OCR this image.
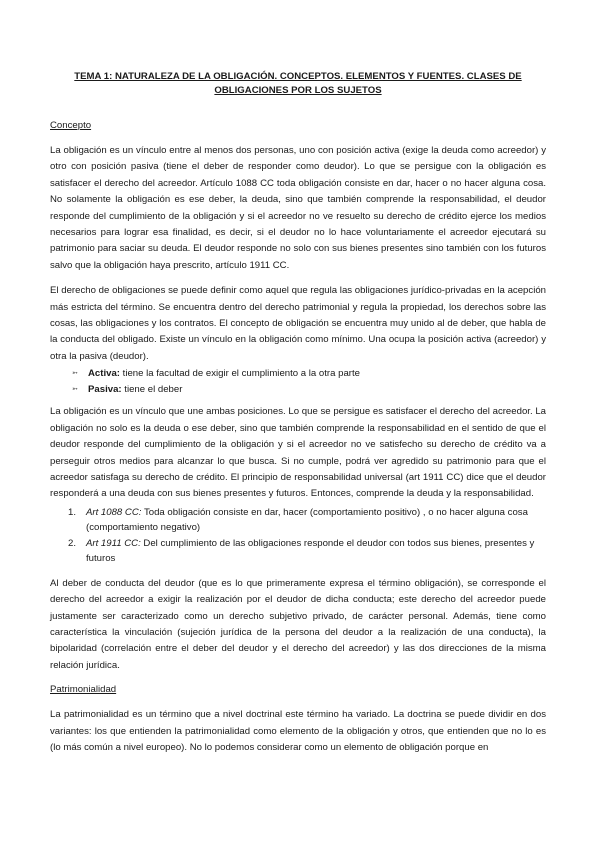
TEMA 1: NATURALEZA DE LA OBLIGACIÓN. CONCEPTOS. ELEMENTOS Y FUENTES. CLASES DE OBLIGACIONES POR LOS SUJETOS
Concepto

La obligación es un vínculo entre al menos dos personas, uno con posición activa (exige la deuda como acreedor) y otro con posición pasiva (tiene el deber de responder como deudor). Lo que se persigue con la obligación es satisfacer el derecho del acreedor. Artículo 1088 CC toda obligación consiste en dar, hacer o no hacer alguna cosa. No solamente la obligación es ese deber, la deuda, sino que también comprende la responsabilidad, el deudor responde del cumplimiento de la obligación y si el acreedor no ve resuelto su derecho de crédito ejerce los medios necesarios para lograr esa finalidad, es decir, si el deudor no lo hace voluntariamente el acreedor ejecutará su patrimonio para saciar su deuda. El deudor responde no solo con sus bienes presentes sino también con los futuros salvo que la obligación haya prescrito, artículo 1911 CC.

El derecho de obligaciones se puede definir como aquel que regula las obligaciones jurídico-privadas en la acepción más estricta del término. Se encuentra dentro del derecho patrimonial y regula la propiedad, los derechos sobre las cosas, las obligaciones y los contratos. El concepto de obligación se encuentra muy unido al de deber, que habla de la conducta del obligado. Existe un vínculo en la obligación como mínimo. Una ocupa la posición activa (acreedor) y otra la pasiva (deudor).

➳ Activa: tiene la facultad de exigir el cumplimiento a la otra parte
➳ Pasiva: tiene el deber

La obligación es un vínculo que une ambas posiciones. Lo que se persigue es satisfacer el derecho del acreedor. La obligación no solo es la deuda o ese deber, sino que también comprende la responsabilidad en el sentido de que el deudor responde del cumplimiento de la obligación y si el acreedor no ve satisfecho su derecho de crédito va a perseguir otros medios para alcanzar lo que busca. Si no cumple, podrá ver agredido su patrimonio para que el acreedor satisfaga su derecho de crédito. El principio de responsabilidad universal (art 1911 CC) dice que el deudor responderá a una deuda con sus bienes presentes y futuros. Entonces, comprende la deuda y la responsabilidad.

1. Art 1088 CC: Toda obligación consiste en dar, hacer (comportamiento positivo) , o no hacer alguna cosa (comportamiento negativo)
2. Art 1911 CC: Del cumplimiento de las obligaciones responde el deudor con todos sus bienes, presentes y futuros

Al deber de conducta del deudor (que es lo que primeramente expresa el término obligación), se corresponde el derecho del acreedor a exigir la realización por el deudor de dicha conducta; este derecho del acreedor puede justamente ser caracterizado como un derecho subjetivo privado, de carácter personal. Además, tiene como característica la vinculación (sujeción jurídica de la persona del deudor a la realización de una conducta), la bipolaridad (correlación entre el deber del deudor y el derecho del acreedor) y las dos direcciones de la misma relación jurídica.

Patrimonialidad

La patrimonialidad es un término que a nivel doctrinal este término ha variado. La doctrina se puede dividir en dos variantes: los que entienden la patrimonialidad como elemento de la obligación y otros, que entienden que no lo es (lo más común a nivel europeo). No lo podemos considerar como un elemento de obligación porque en
